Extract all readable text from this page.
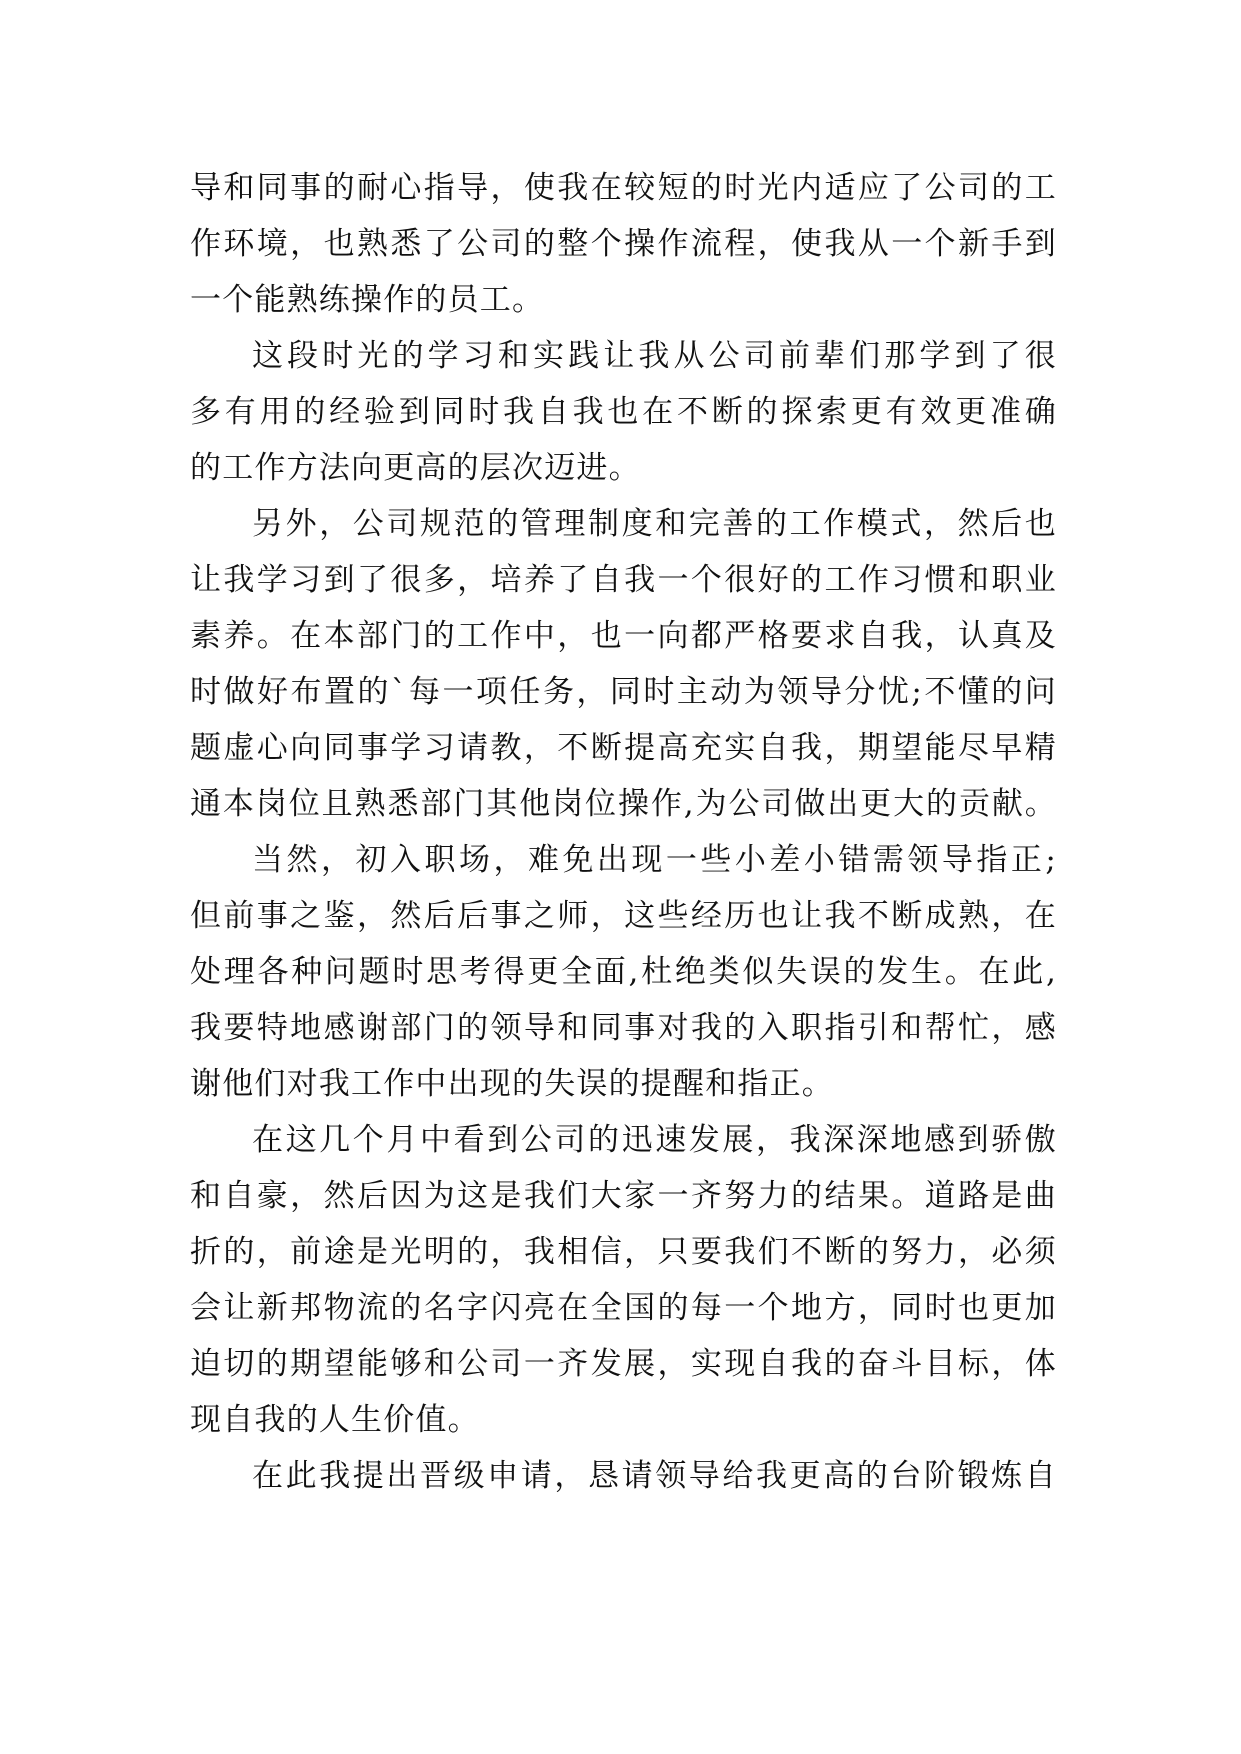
导和同事的耐心指导，使我在较短的时光内适应了公司的工
作环境，也熟悉了公司的整个操作流程，使我从一个新手到
一个能熟练操作的员工。
这段时光的学习和实践让我从公司前辈们那学到了很
多有用的经验到同时我自我也在不断的探索更有效更准确
的工作方法向更高的层次迈进。
另外，公司规范的管理制度和完善的工作模式，然后也
让我学习到了很多，培养了自我一个很好的工作习惯和职业
素养。在本部门的工作中，也一向都严格要求自我，认真及
时做好布置的`每一项任务，同时主动为领导分忧;不懂的问
题虚心向同事学习请教，不断提高充实自我，期望能尽早精
通本岗位且熟悉部门其他岗位操作,为公司做出更大的贡献。
当然，初入职场，难免出现一些小差小错需领导指正;
但前事之鉴，然后后事之师，这些经历也让我不断成熟，在
处理各种问题时思考得更全面,杜绝类似失误的发生。在此,
我要特地感谢部门的领导和同事对我的入职指引和帮忙，感
谢他们对我工作中出现的失误的提醒和指正。
在这几个月中看到公司的迅速发展，我深深地感到骄傲
和自豪，然后因为这是我们大家一齐努力的结果。道路是曲
折的，前途是光明的，我相信，只要我们不断的努力，必须
会让新邦物流的名字闪亮在全国的每一个地方，同时也更加
迫切的期望能够和公司一齐发展，实现自我的奋斗目标，体
现自我的人生价值。
在此我提出晋级申请，恳请领导给我更高的台阶锻炼自
